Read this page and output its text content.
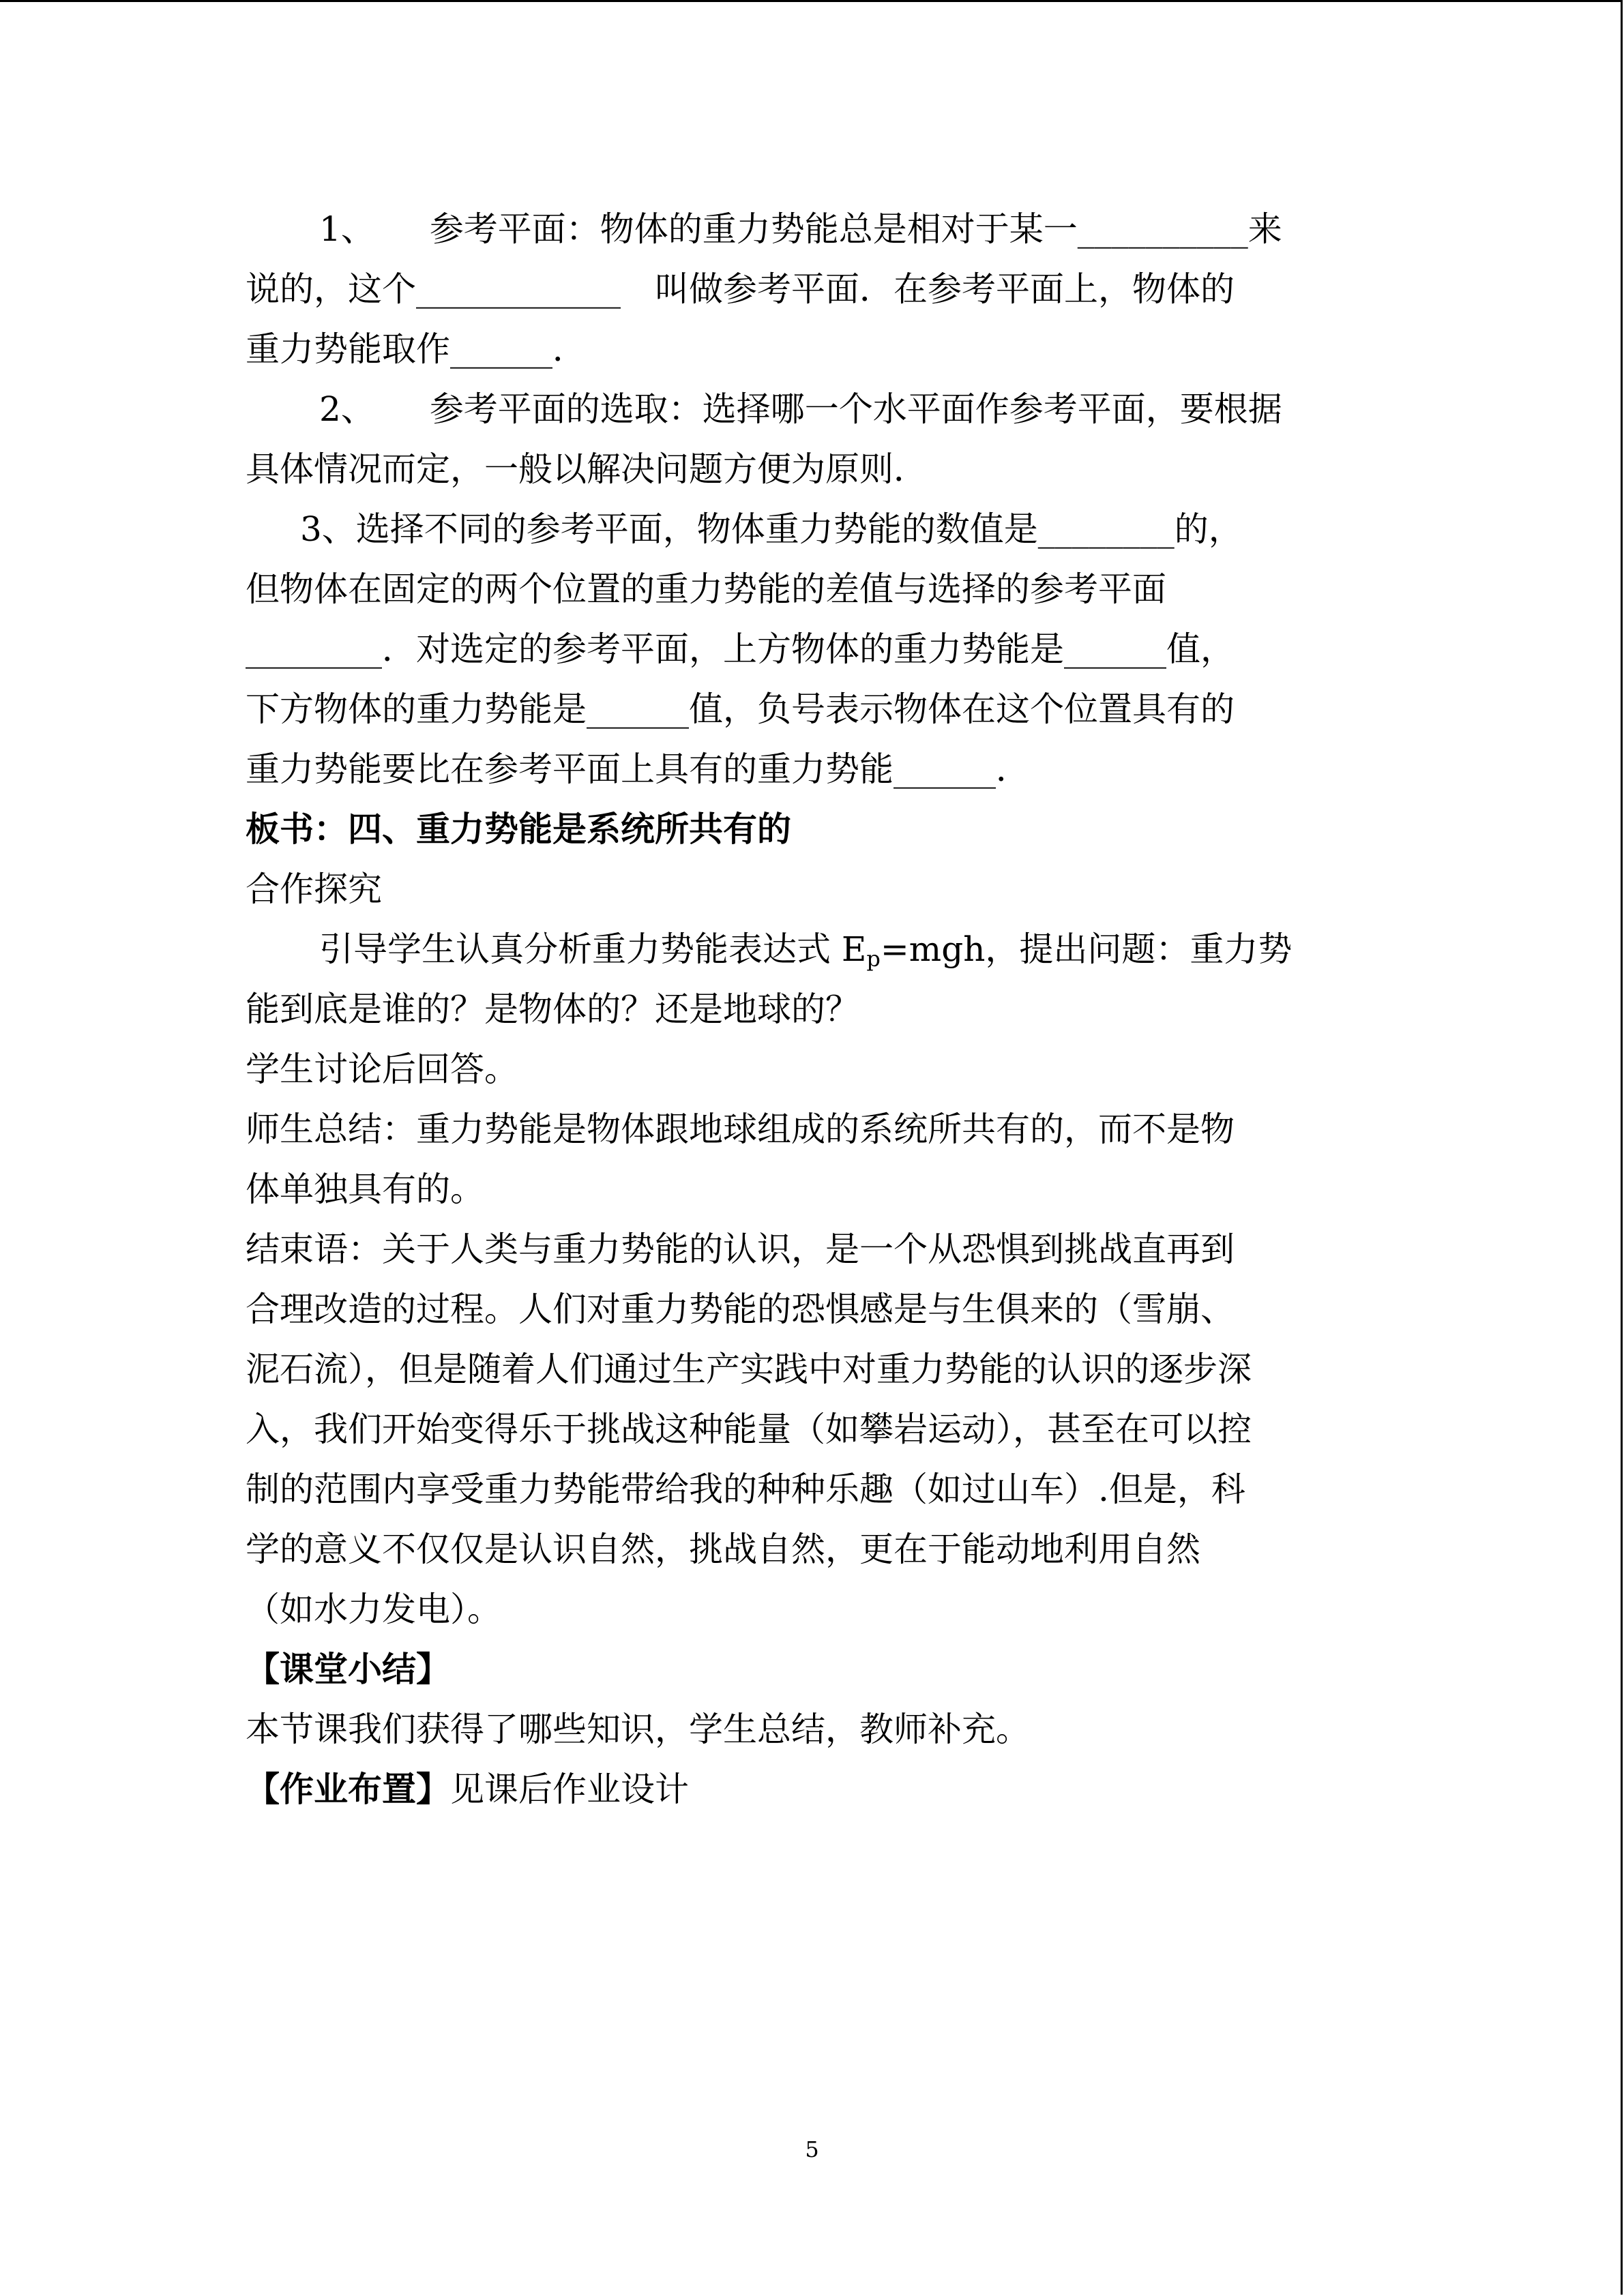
1、 参考平面：物体的重力势能总是相对于某一__________来
说的，这个____________　叫做参考平面．在参考平面上，物体的
重力势能取作______．
2、 参考平面的选取：选择哪一个水平面作参考平面，要根据
具体情况而定，一般以解决问题方便为原则．
3、选择不同的参考平面，物体重力势能的数值是________的，
但物体在固定的两个位置的重力势能的差值与选择的参考平面
________．对选定的参考平面，上方物体的重力势能是______值，
下方物体的重力势能是______值，负号表示物体在这个位置具有的
重力势能要比在参考平面上具有的重力势能______．
板书：四、重力势能是系统所共有的
合作探究
引导学生认真分析重力势能表达式 $E_p=mgh$，提出问题：重力势
能到底是谁的？是物体的？还是地球的？
学生讨论后回答。
师生总结：重力势能是物体跟地球组成的系统所共有的，而不是物
体单独具有的。
结束语：关于人类与重力势能的认识，是一个从恐惧到挑战直再到
合理改造的过程。人们对重力势能的恐惧感是与生俱来的（雪崩、
泥石流），但是随着人们通过生产实践中对重力势能的认识的逐步深
入，我们开始变得乐于挑战这种能量（如攀岩运动），甚至在可以控
制的范围内享受重力势能带给我的种种乐趣（如过山车）.但是，科
学的意义不仅仅是认识自然，挑战自然，更在于能动地利用自然
（如水力发电）。
【课堂小结】
本节课我们获得了哪些知识，学生总结，教师补充。
【作业布置】见课后作业设计
5
